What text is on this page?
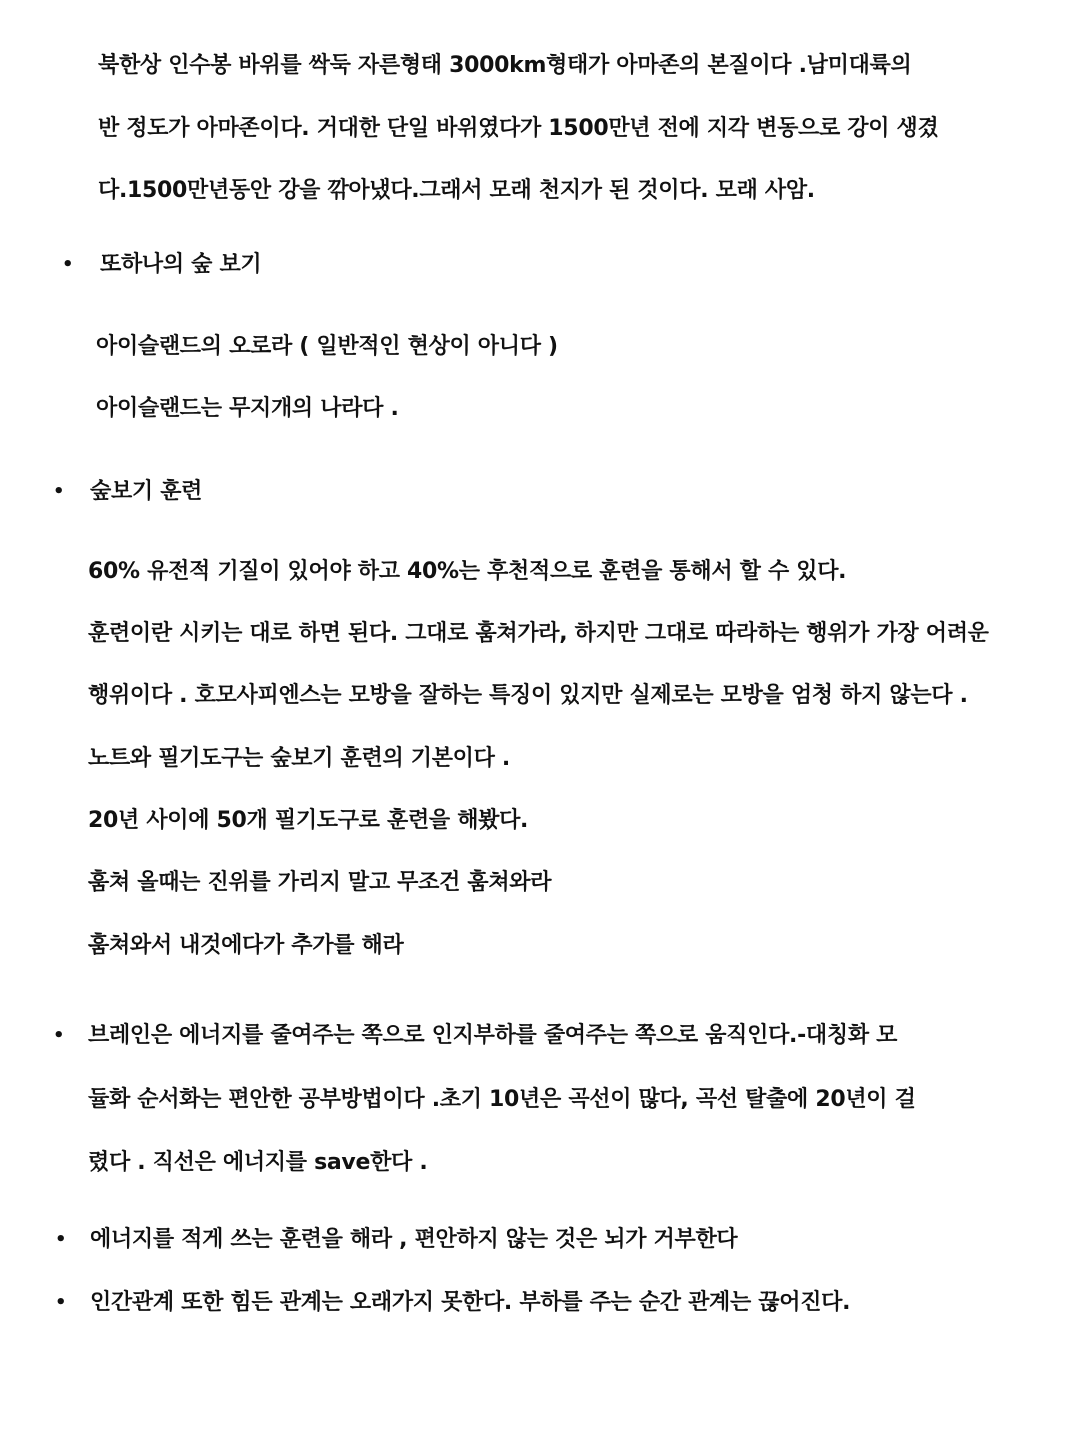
북한상 인수봉 바위를 싹둑 자른형태 3000km형태가 아마존의 본질이다 .남미대륙의
반 정도가 아마존이다. 거대한 단일 바위였다가 1500만년 전에 지각 변동으로 강이 생겼
다.1500만년동안 강을 깎아냈다.그래서 모래 천지가 된 것이다. 모래 사암.
• 또하나의 숲 보기
아이슬랜드의 오로라 ( 일반적인 현상이 아니다 )
아이슬랜드는 무지개의 나라다 .
• 숲보기 훈련
60% 유전적 기질이 있어야 하고 40%는 후천적으로 훈련을 통해서 할 수 있다.
훈련이란 시키는 대로 하면 된다. 그대로 훔쳐가라, 하지만 그대로 따라하는 행위가 가장 어려운
행위이다 . 호모사피엔스는 모방을 잘하는 특징이 있지만 실제로는 모방을 엄청 하지 않는다 .
노트와 필기도구는 숲보기 훈련의 기본이다 .
20년 사이에 50개 필기도구로 훈련을 해봤다.
훔쳐 올때는 진위를 가리지 말고 무조건 훔쳐와라
훔쳐와서 내것에다가 추가를 해라
• 브레인은 에너지를 줄여주는 쪽으로 인지부하를 줄여주는 쪽으로 움직인다.-대칭화 모
듈화 순서화는 편안한 공부방법이다 .초기 10년은 곡선이 많다, 곡선 탈출에 20년이 걸
렸다 . 직선은 에너지를 save한다 .
• 에너지를 적게 쓰는 훈련을 해라 , 편안하지 않는 것은 뇌가 거부한다
• 인간관계 또한 힘든 관계는 오래가지 못한다. 부하를 주는 순간 관계는 끊어진다.
